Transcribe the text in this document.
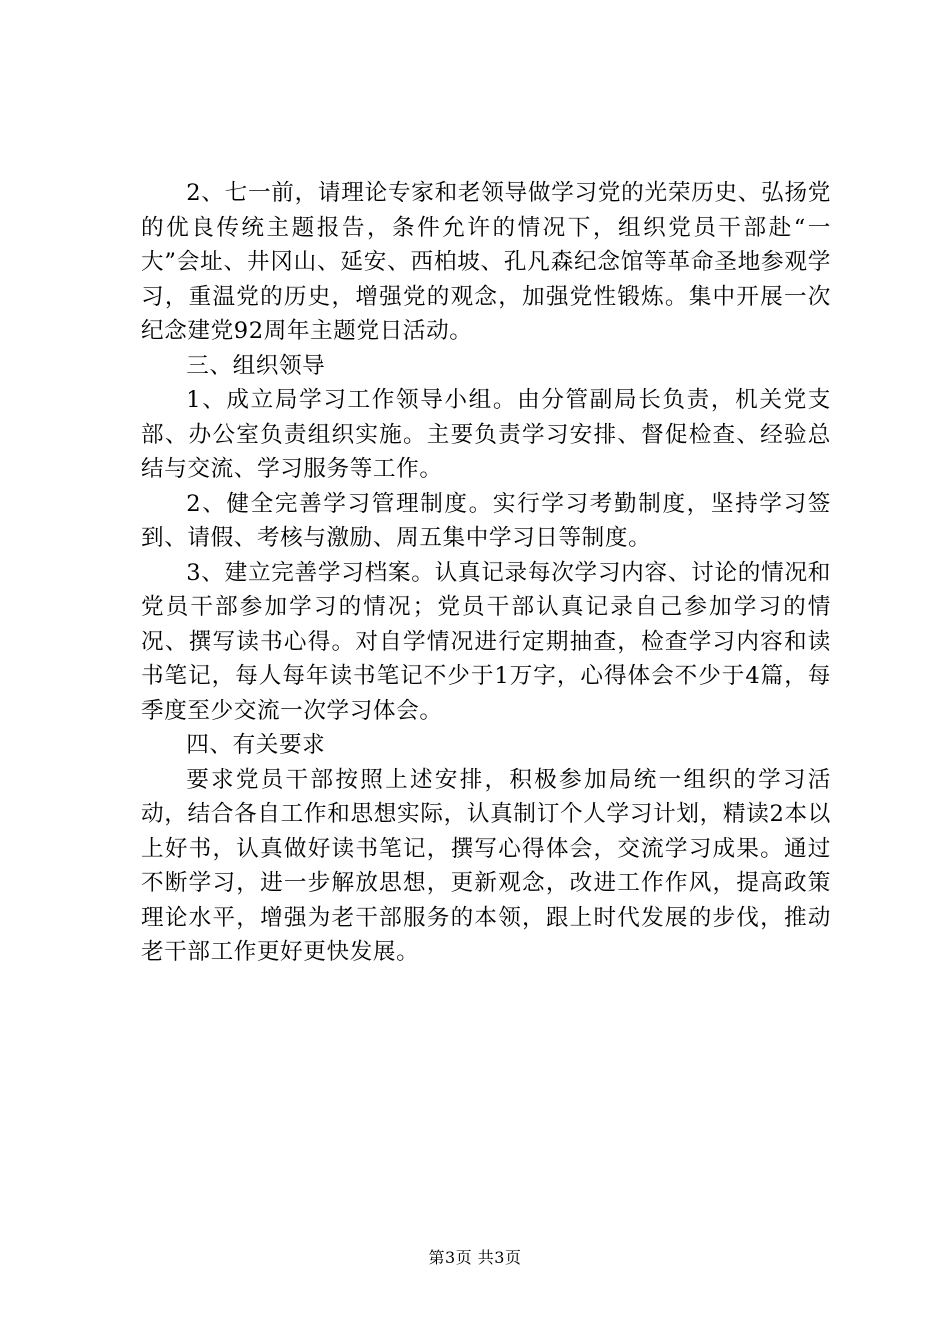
2、七一前，请理论专家和老领导做学习党的光荣历史、弘扬党的优良传统主题报告，条件允许的情况下，组织党员干部赴“一大”会址、井冈山、延安、西柏坡、孔凡森纪念馆等革命圣地参观学习，重温党的历史，增强党的观念，加强党性锻炼。集中开展一次纪念建党92周年主题党日活动。

三、组织领导

1、成立局学习工作领导小组。由分管副局长负责，机关党支部、办公室负责组织实施。主要负责学习安排、督促检查、经验总结与交流、学习服务等工作。

2、健全完善学习管理制度。实行学习考勤制度，坚持学习签到、请假、考核与激励、周五集中学习日等制度。

3、建立完善学习档案。认真记录每次学习内容、讨论的情况和党员干部参加学习的情况；党员干部认真记录自己参加学习的情况、撰写读书心得。对自学情况进行定期抽查，检查学习内容和读书笔记，每人每年读书笔记不少于1万字，心得体会不少于4篇，每季度至少交流一次学习体会。

四、有关要求

要求党员干部按照上述安排，积极参加局统一组织的学习活动，结合各自工作和思想实际，认真制订个人学习计划，精读2本以上好书，认真做好读书笔记，撰写心得体会，交流学习成果。通过不断学习，进一步解放思想，更新观念，改进工作作风，提高政策理论水平，增强为老干部服务的本领，跟上时代发展的步伐，推动老干部工作更好更快发展。

第3页 共3页
